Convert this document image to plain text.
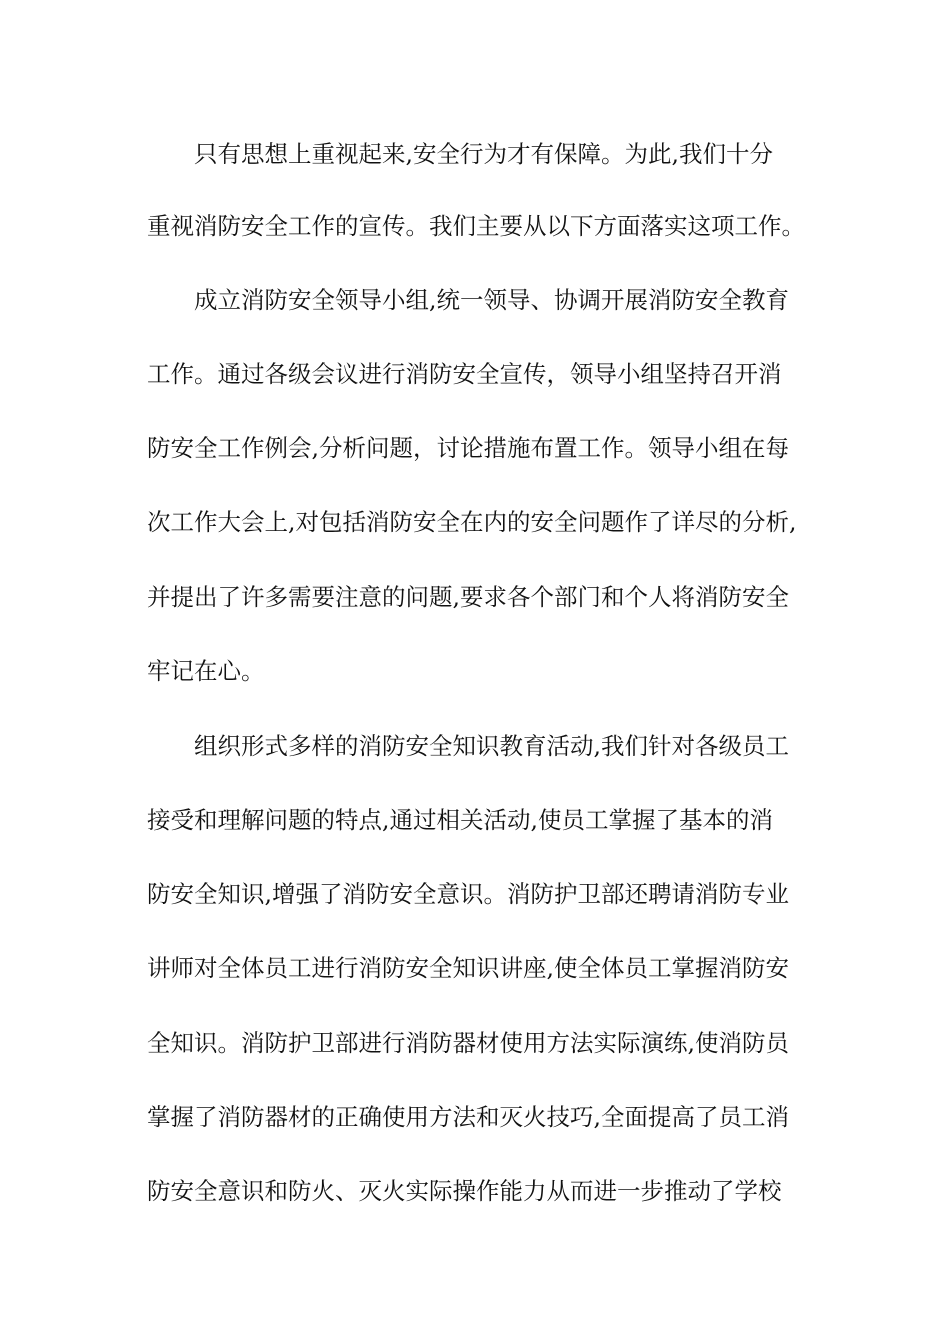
只有思想上重视起来,安全行为才有保障。为此,我们十分
重视消防安全工作的宣传。我们主要从以下方面落实这项工作。
成立消防安全领导小组,统一领导、协调开展消防安全教育
工作。通过各级会议进行消防安全宣传，领导小组坚持召开消
防安全工作例会,分析问题，讨论措施布置工作。领导小组在每
次工作大会上,对包括消防安全在内的安全问题作了详尽的分析,
并提出了许多需要注意的问题,要求各个部门和个人将消防安全
牢记在心。
组织形式多样的消防安全知识教育活动,我们针对各级员工
接受和理解问题的特点,通过相关活动,使员工掌握了基本的消
防安全知识,增强了消防安全意识。消防护卫部还聘请消防专业
讲师对全体员工进行消防安全知识讲座,使全体员工掌握消防安
全知识。消防护卫部进行消防器材使用方法实际演练,使消防员
掌握了消防器材的正确使用方法和灭火技巧,全面提高了员工消
防安全意识和防火、灭火实际操作能力从而进一步推动了学校
